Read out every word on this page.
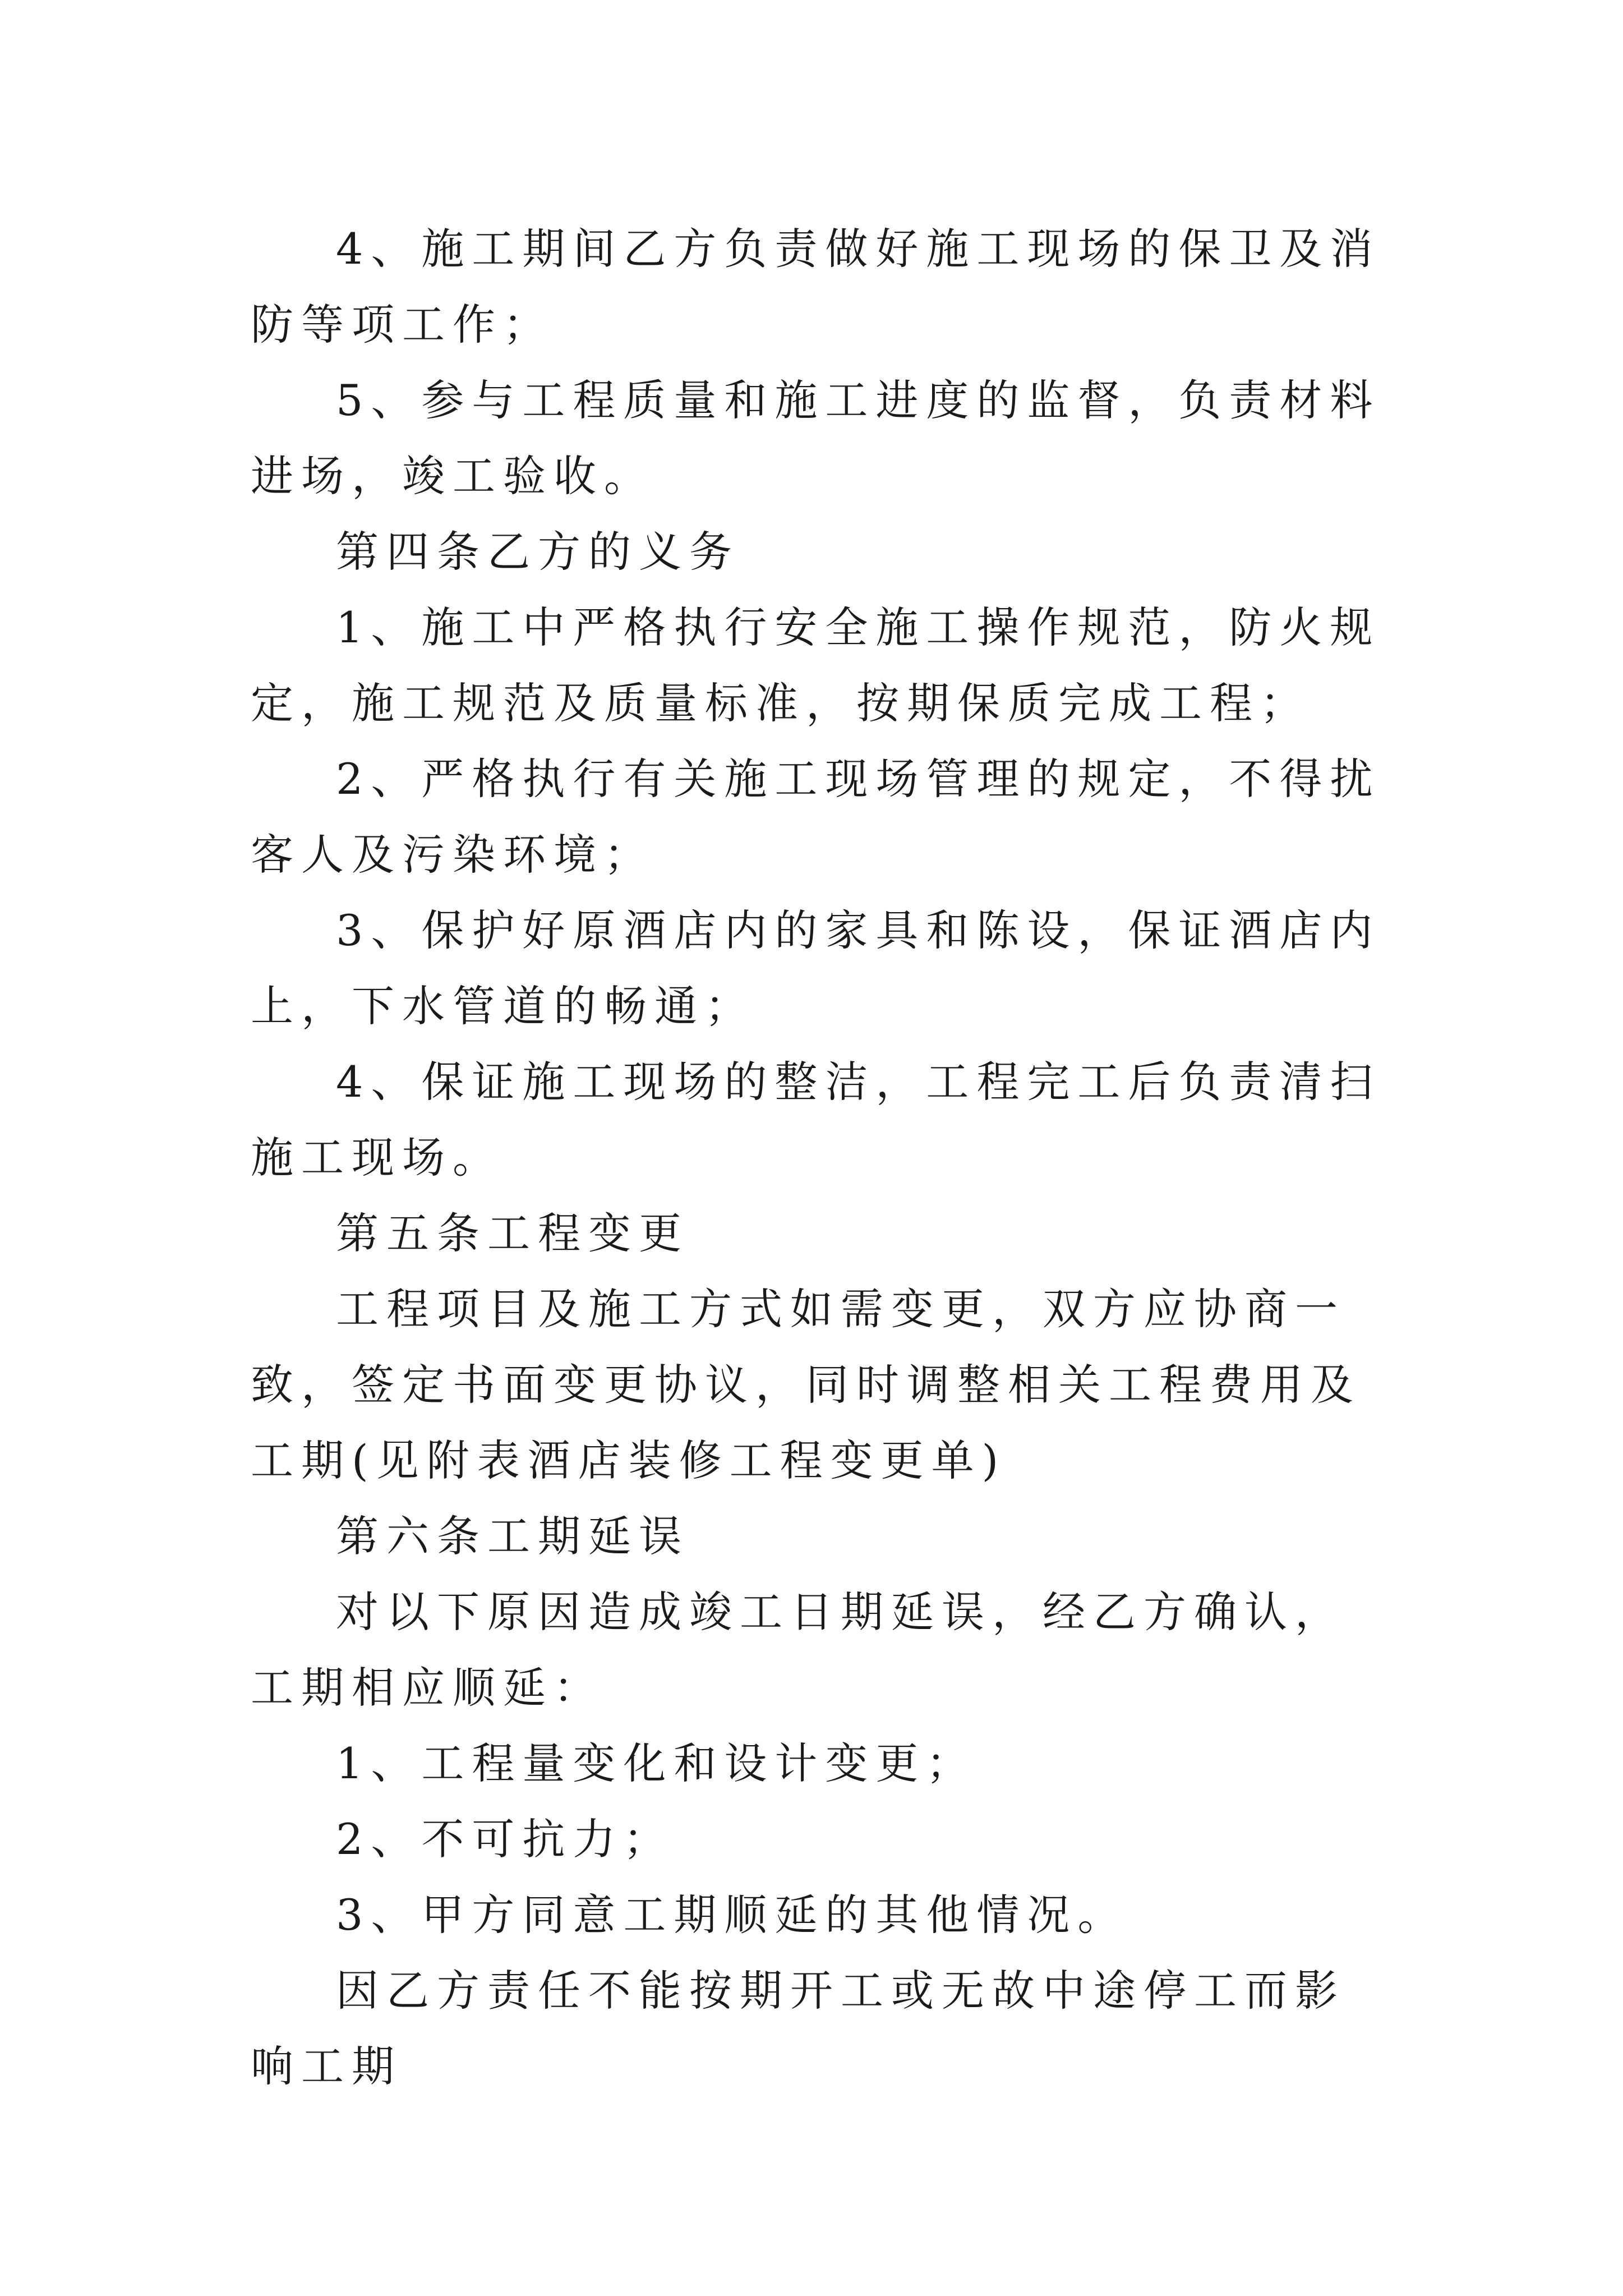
4、施工期间乙方负责做好施工现场的保卫及消防等项工作；

5、参与工程质量和施工进度的监督，负责材料进场，竣工验收。

第四条乙方的义务

1、施工中严格执行安全施工操作规范，防火规定，施工规范及质量标准，按期保质完成工程；

2、严格执行有关施工现场管理的规定，不得扰客人及污染环境；

3、保护好原酒店内的家具和陈设，保证酒店内上，下水管道的畅通；

4、保证施工现场的整洁，工程完工后负责清扫施工现场。

第五条工程变更

工程项目及施工方式如需变更，双方应协商一致，签定书面变更协议，同时调整相关工程费用及工期(见附表酒店装修工程变更单)

第六条工期延误

对以下原因造成竣工日期延误，经乙方确认，工期相应顺延：

1、工程量变化和设计变更；

2、不可抗力；

3、甲方同意工期顺延的其他情况。

因乙方责任不能按期开工或无故中途停工而影响工期
